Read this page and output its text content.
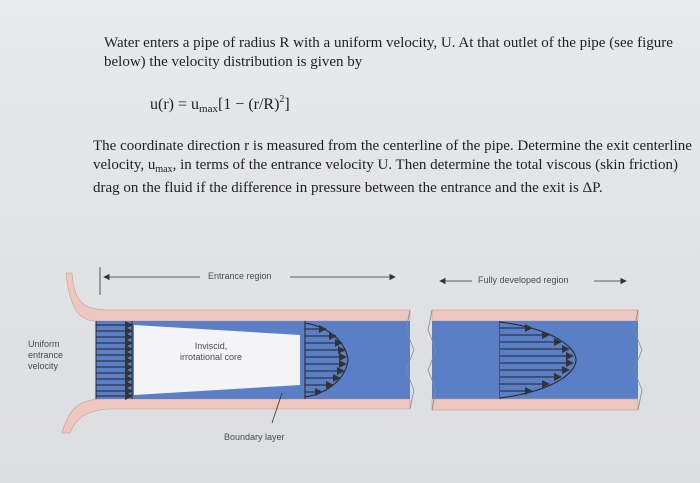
Water enters a pipe of radius R with a uniform velocity, U. At that outlet of the pipe (see figure below) the velocity distribution is given by
$u(r) = u_{max}[1 - (r/R)^2]$
The coordinate direction r is measured from the centerline of the pipe. Determine the exit centerline velocity, $u_{max}$, in terms of the entrance velocity U. Then determine the total viscous (skin friction) drag on the fluid if the difference in pressure between the entrance and the exit is ΔP.
Entrance region	Fully developed region
Uniform
entrance
velocity
Inviscid,
irrotational core
Boundary layer
